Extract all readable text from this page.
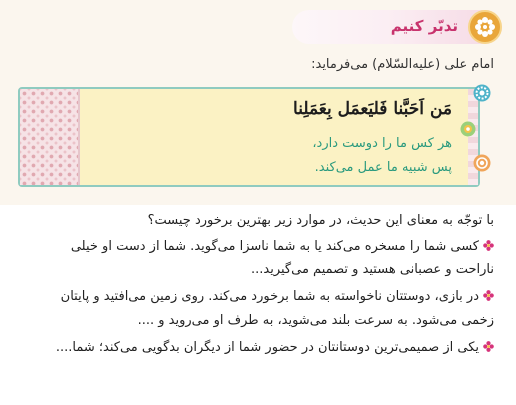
تدبّر کنیم
امام علی (علیه‌السّلام) می‌فرماید:
مَن اَحَبَّنا فَلیَعمَل بِعَمَلِنا
هر کس ما را دوست دارد،
پس شبیه ما عمل می‌کند.
با توجّه به معنای این حدیث، در موارد زیر بهترین برخورد چیست؟
کسی شما را مسخره می‌کند یا به شما ناسزا می‌گوید. شما از دست او خیلی
ناراحت و عصبانی هستید و تصمیم می‌گیرید...
در بازی، دوستتان ناخواسته به شما برخورد می‌کند. روی زمین می‌افتید و پایتان
زخمی می‌شود. به سرعت بلند می‌شوید، به طرف او می‌روید و ....
یکی از صمیمی‌ترین دوستانتان در حضور شما از دیگران بدگویی می‌کند؛ شما....
